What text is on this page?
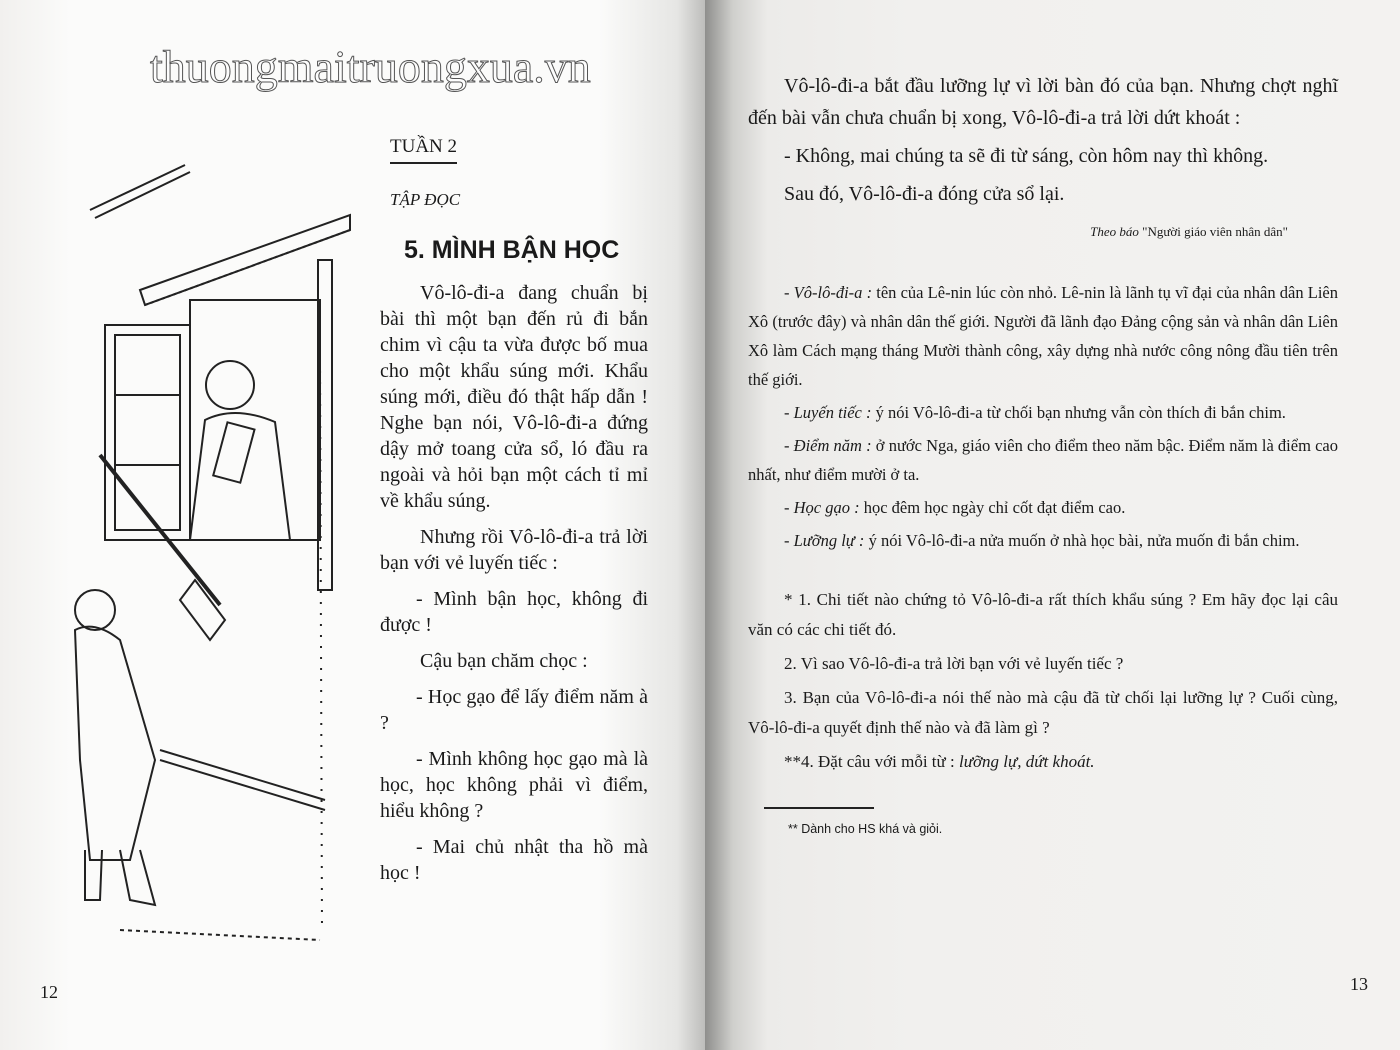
TUẦN 2
TẬP ĐỌC
5. MÌNH BẬN HỌC

Vô-lô-đi-a đang chuẩn bị bài thì một bạn đến rủ đi bắn chim vì cậu ta vừa được bố mua cho một khẩu súng mới. Khẩu súng mới, điều đó thật hấp dẫn ! Nghe bạn nói, Vô-lô-đi-a đứng dậy mở toang cửa sổ, ló đầu ra ngoài và hỏi bạn một cách tỉ mỉ về khẩu súng.

Nhưng rồi Vô-lô-đi-a trả lời bạn với vẻ luyến tiếc :

- Mình bận học, không đi được !

Cậu bạn chăm chọc :

- Học gạo để lấy điểm năm à ?

- Mình không học gạo mà là học, học không phải vì điểm, hiểu không ?

- Mai chủ nhật tha hồ mà học !

12

Vô-lô-đi-a bắt đầu lưỡng lự vì lời bàn đó của bạn. Nhưng chợt nghĩ đến bài vẫn chưa chuẩn bị xong, Vô-lô-đi-a trả lời dứt khoát :

- Không, mai chúng ta sẽ đi từ sáng, còn hôm nay thì không.

Sau đó, Vô-lô-đi-a đóng cửa sổ lại.

Theo báo "Người giáo viên nhân dân"

- Vô-lô-đi-a : tên của Lê-nin lúc còn nhỏ. Lê-nin là lãnh tụ vĩ đại của nhân dân Liên Xô (trước đây) và nhân dân thế giới. Người đã lãnh đạo Đảng cộng sản và nhân dân Liên Xô làm Cách mạng tháng Mười thành công, xây dựng nhà nước công nông đầu tiên trên thế giới.

- Luyến tiếc : ý nói Vô-lô-đi-a từ chối bạn nhưng vẫn còn thích đi bắn chim.

- Điểm năm : ở nước Nga, giáo viên cho điểm theo năm bậc. Điểm năm là điểm cao nhất, như điểm mười ở ta.

- Học gạo : học đêm học ngày chỉ cốt đạt điểm cao.

- Lưỡng lự : ý nói Vô-lô-đi-a nửa muốn ở nhà học bài, nửa muốn đi bắn chim.

* 1. Chi tiết nào chứng tỏ Vô-lô-đi-a rất thích khẩu súng ? Em hãy đọc lại câu văn có các chi tiết đó.

2. Vì sao Vô-lô-đi-a trả lời bạn với vẻ luyến tiếc ?

3. Bạn của Vô-lô-đi-a nói thế nào mà cậu đã từ chối lại lưỡng lự ? Cuối cùng, Vô-lô-đi-a quyết định thế nào và đã làm gì ?

**4. Đặt câu với mỗi từ : lưỡng lự, dứt khoát.

** Dành cho HS khá và giỏi.
13
thuongmaitruongxua.vn
